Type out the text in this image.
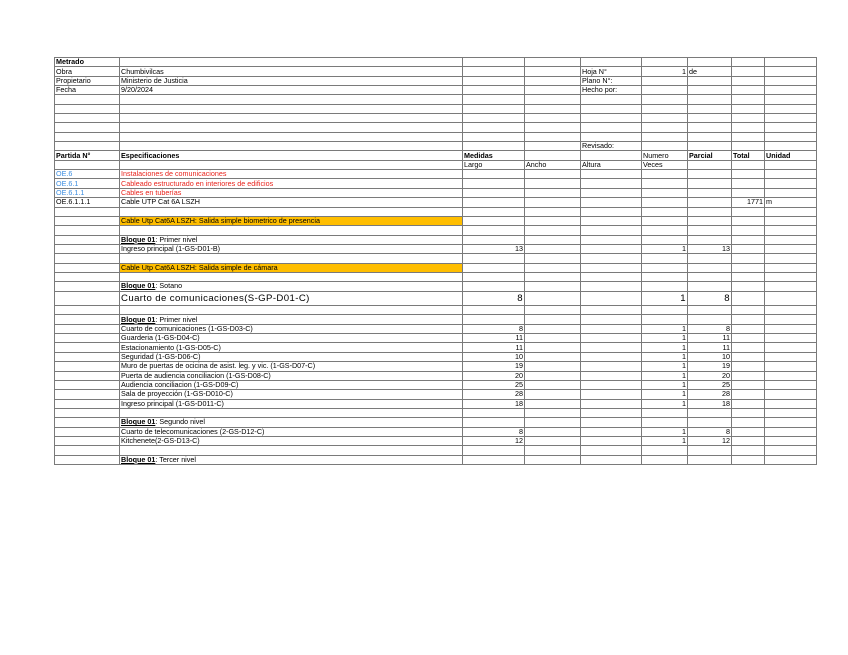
Metrado								
Obra	Chumbivilcas			Hoja N°	1	de		
Propietario	Ministerio de Justicia			Plano N°:				
Fecha	9/20/2024			Hecho por:				

				Revisado:				
Partida N°	Especificaciones	Medidas			Numero	Parcial	Total	Unidad
		Largo	Ancho	Altura	Veces			
OE.6	Instalaciones de comunicaciones							
OE.6.1	Cableado estructurado en interiores de edificios							
OE.6.1.1	Cables en tuberías							
OE.6.1.1.1	Cable UTP Cat 6A LSZH						1771	m

	Cable Utp Cat6A LSZH: Salida simple biometrico de presencia							

	Bloque 01: Primer nivel							
	Ingreso principal (1-GS-D01-B)	13			1	13		

	Cable Utp Cat6A LSZH: Salida simple de cámara							

	Bloque 01: Sotano							
	Cuarto de comunicaciones(S-GP-D01-C)	8			1	8		

	Bloque 01: Primer nivel							
	Cuarto de comunicaciones (1-GS-D03-C)	8			1	8		
	Guarderia (1-GS-D04-C)	11			1	11		
	Estacionamiento (1-GS-D05-C)	11			1	11		
	Seguridad (1-GS-D06-C)	10			1	10		
	Muro de puertas de ocicina de asist. leg. y vic. (1-GS-D07-C)	19			1	19		
	Puerta de audiencia conciliacion (1-GS-D08-C)	20			1	20		
	Audiencia conciliacion (1-GS-D09-C)	25			1	25		
	Sala de proyección (1-GS-D010-C)	28			1	28		
	Ingreso principal (1-GS-D011-C)	18			1	18		

	Bloque 01: Segundo nivel							
	Cuarto de telecomunicaciones (2-GS-D12-C)	8			1	8		
	Kitchenete(2-GS-D13-C)	12			1	12		

	Bloque 01: Tercer nivel							
